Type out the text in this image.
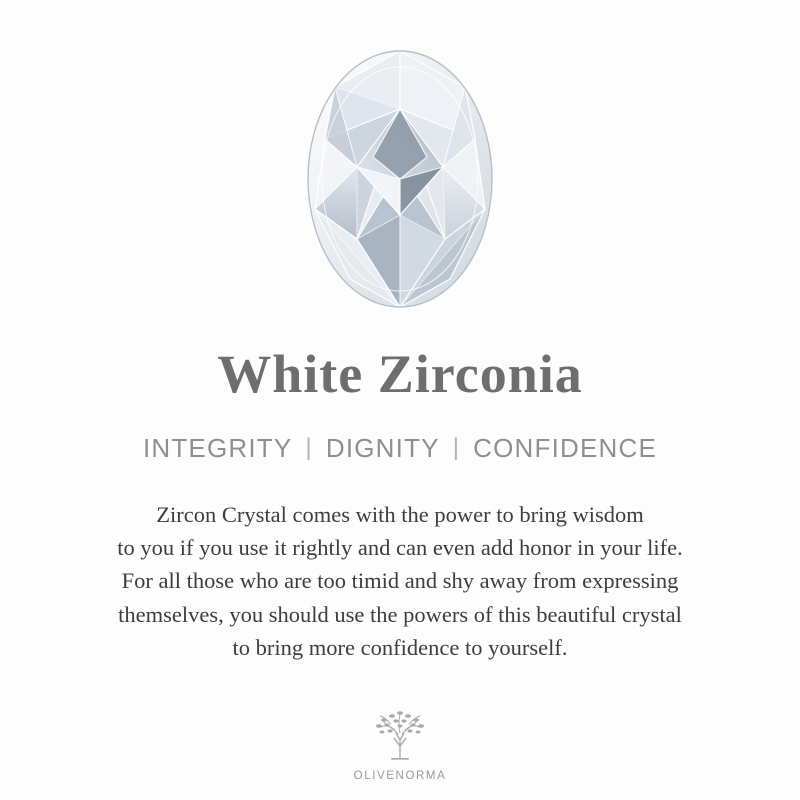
White Zirconia
INTEGRITY | DIGNITY | CONFIDENCE
Zircon Crystal comes with the power to bring wisdom
to you if you use it rightly and can even add honor in your life.
For all those who are too timid and shy away from expressing
themselves, you should use the powers of this beautiful crystal
to bring more confidence to yourself.
OLIVENORMA
